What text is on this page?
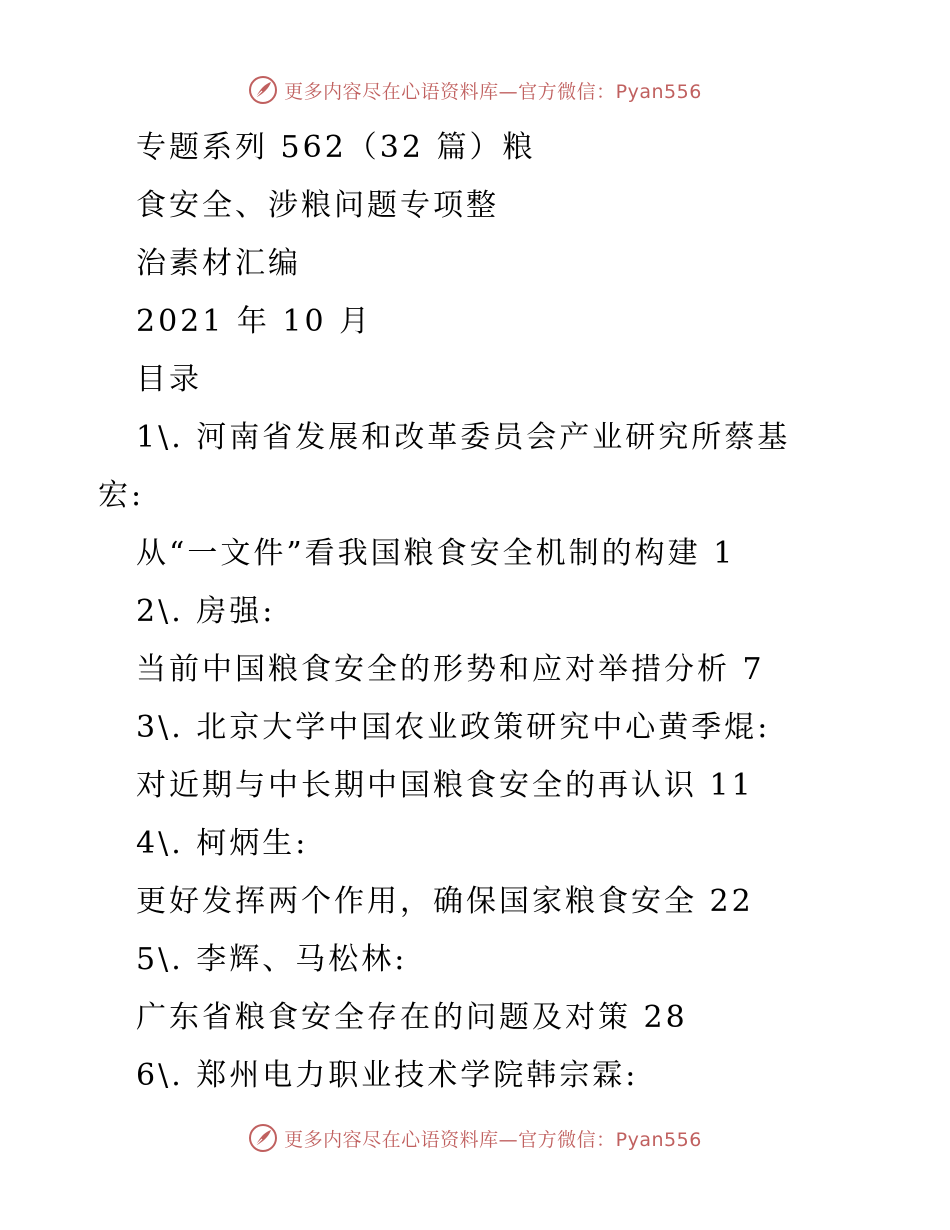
更多内容尽在心语资料库—官方微信：Pyan556
专题系列 562（32 篇）粮
食安全、涉粮问题专项整
治素材汇编
2021 年 10 月
目录
1\. 河南省发展和改革委员会产业研究所蔡基
宏:
从“一文件”看我国粮食安全机制的构建 1
2\. 房强:
当前中国粮食安全的形势和应对举措分析 7
3\. 北京大学中国农业政策研究中心黄季焜:
对近期与中长期中国粮食安全的再认识 11
4\. 柯炳生:
更好发挥两个作用，确保国家粮食安全 22
5\. 李辉、马松林:
广东省粮食安全存在的问题及对策 28
6\. 郑州电力职业技术学院韩宗霖:
更多内容尽在心语资料库—官方微信：Pyan556
